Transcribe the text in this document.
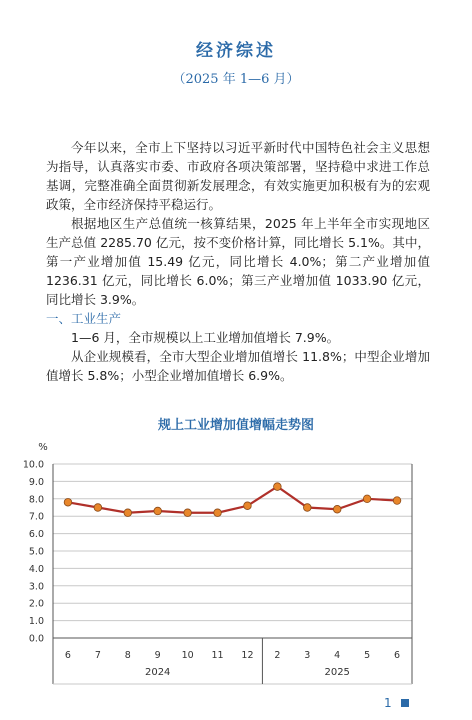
经济综述
（2025 年 1—6 月）

今年以来，全市上下坚持以习近平新时代中国特色社会主义思想为指导，认真落实市委、市政府各项决策部署，坚持稳中求进工作总基调，完整准确全面贯彻新发展理念，有效实施更加积极有为的宏观政策，全市经济保持平稳运行。

根据地区生产总值统一核算结果，2025 年上半年全市实现地区生产总值 2285.70 亿元，按不变价格计算，同比增长 5.1%。其中，第一产业增加值 15.49 亿元，同比增长 4.0%；第二产业增加值 1236.31 亿元，同比增长 6.0%；第三产业增加值 1033.90 亿元，同比增长 3.9%。

一、工业生产

1—6 月，全市规模以上工业增加值增长 7.9%。

从企业规模看，全市大型企业增加值增长 11.8%；中型企业增加值增长 5.8%；小型企业增加值增长 6.9%。

规上工业增加值增幅走势图
0.0
1.0
2.0
3.0
4.0
5.0
6.0
7.0
8.0
9.0
10.0
%
6	7	8	9 10 11 12 2	3	4	5	6
2024	2025
1
